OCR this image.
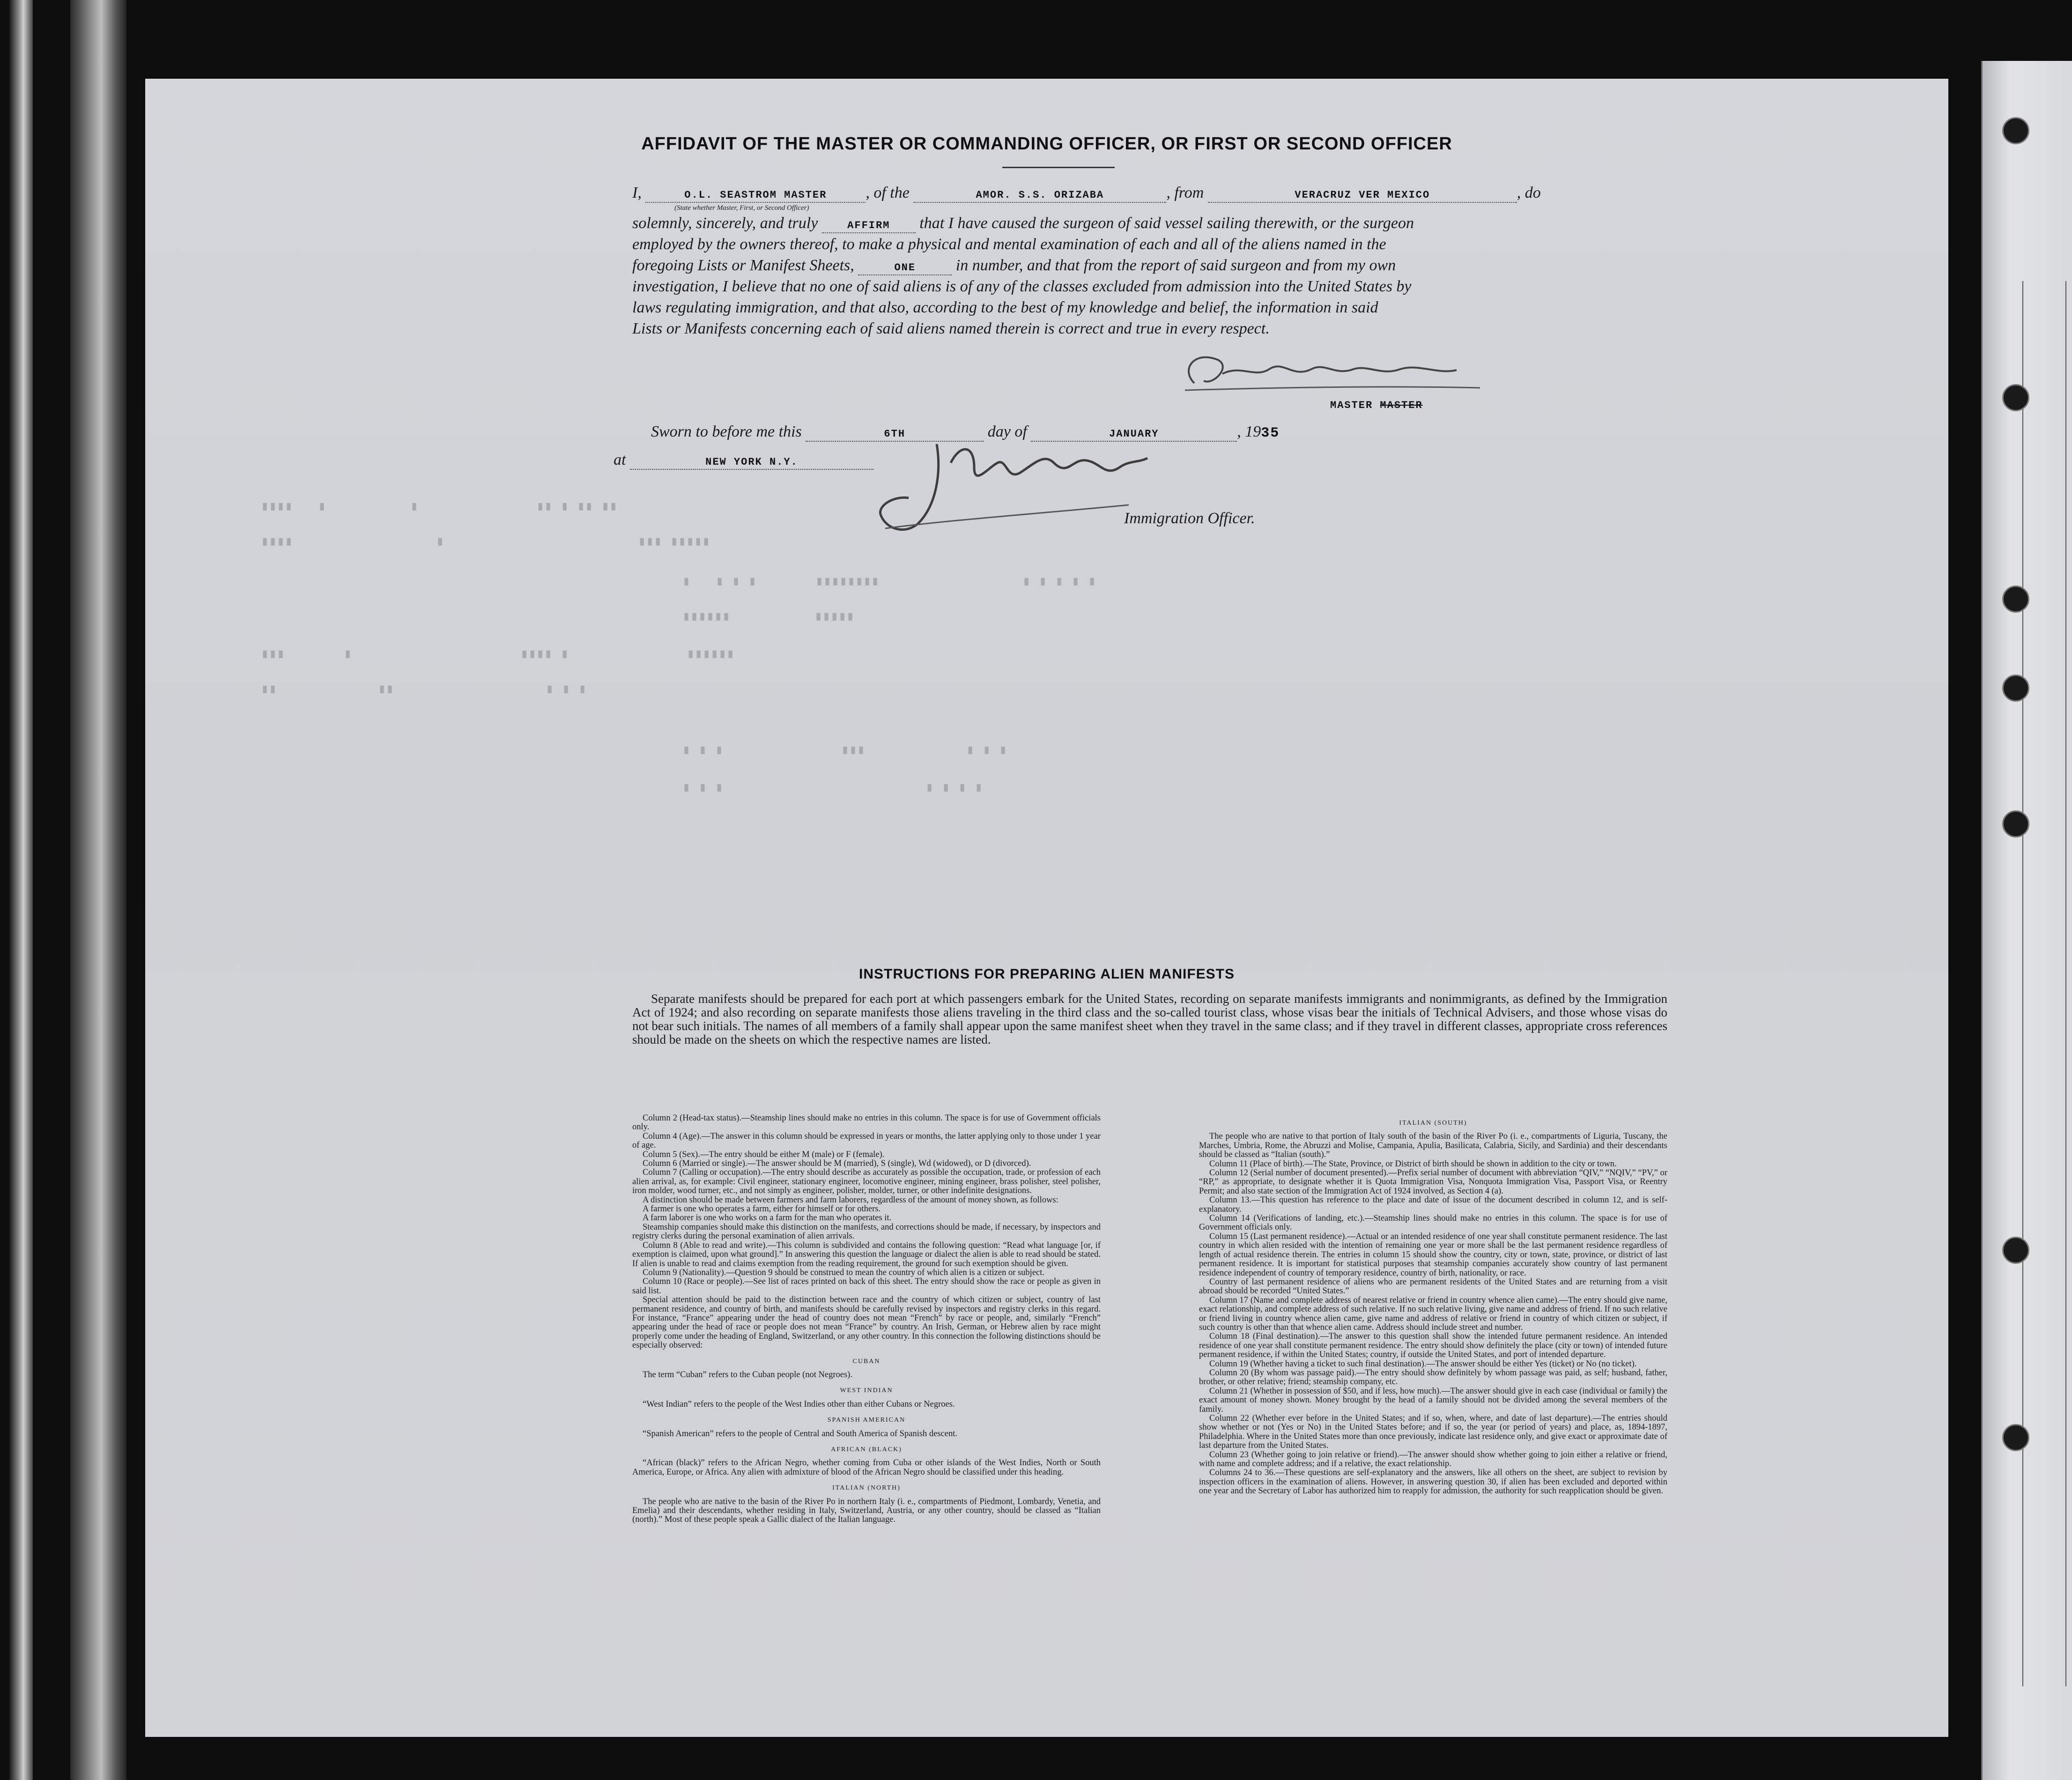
AFFIDAVIT OF THE MASTER OR COMMANDING OFFICER, OR FIRST OR SECOND OFFICER
I,	O.L. SEASTROM MASTER , of the	AMOR. S.S. ORIZABA	, from	VERACRUZ VER MEXICO	, do
(State whether Master, First, or Second Officer)
solemnly, sincerely, and truly	AFFIRM that I have caused the surgeon of said vessel sailing therewith, or the surgeon
employed by the owners thereof, to make a physical and mental examination of each and all of the aliens named in the
foregoing Lists or Manifest Sheets,	ONE	in number, and that from the report of said surgeon and from my own
investigation, I believe that no one of said aliens is of any of the classes excluded from admission into the United States by
laws regulating immigration, and that also, according to the best of my knowledge and belief, the information in said
Lists or Manifests concerning each of said aliens named therein is correct and true in every respect.
MASTER MASTER
Sworn to before me this	6TH	day of	JANUARY	, 1935
at	NEW YORK N.Y.
Immigration Officer.
▮▮▮▮   ▮          ▮              ▮▮ ▮ ▮▮ ▮▮
▮▮▮▮                 ▮                       ▮▮▮ ▮▮▮▮▮
▮   ▮ ▮ ▮       ▮▮▮▮▮▮▮▮                 ▮ ▮ ▮ ▮ ▮
▮▮▮▮▮▮          ▮▮▮▮▮
▮▮▮       ▮                    ▮▮▮▮ ▮              ▮▮▮▮▮▮
▮▮            ▮▮                  ▮ ▮ ▮
▮ ▮ ▮              ▮▮▮            ▮ ▮ ▮
▮ ▮ ▮                        ▮ ▮ ▮ ▮
INSTRUCTIONS FOR PREPARING ALIEN MANIFESTS
Separate manifests should be prepared for each port at which passengers embark for the United States, recording on separate manifests immigrants and nonimmigrants, as defined by the Immigration Act of 1924; and also recording on separate manifests those aliens traveling in the third class and the so-called tourist class, whose visas bear the initials of Technical Advisers, and those whose visas do not bear such initials. The names of all members of a family shall appear upon the same manifest sheet when they travel in the same class; and if they travel in different classes, appropriate cross references should be made on the sheets on which the respective names are listed.

Column 2 (Head-tax status).—Steamship lines should make no entries in this column. The space is for use of Government officials only.

Column 4 (Age).—The answer in this column should be expressed in years or months, the latter applying only to those under 1 year of age.

Column 5 (Sex).—The entry should be either M (male) or F (female).

Column 6 (Married or single).—The answer should be M (married), S (single), Wd (widowed), or D (divorced).

Column 7 (Calling or occupation).—The entry should describe as accurately as possible the occupation, trade, or profession of each alien arrival, as, for example: Civil engineer, stationary engineer, locomotive engineer, mining engineer, brass polisher, steel polisher, iron molder, wood turner, etc., and not simply as engineer, polisher, molder, turner, or other indefinite designations.

A distinction should be made between farmers and farm laborers, regardless of the amount of money shown, as follows:

A farmer is one who operates a farm, either for himself or for others.

A farm laborer is one who works on a farm for the man who operates it.

Steamship companies should make this distinction on the manifests, and corrections should be made, if necessary, by inspectors and registry clerks during the personal examination of alien arrivals.

Column 8 (Able to read and write).—This column is subdivided and contains the following question: “Read what language [or, if exemption is claimed, upon what ground].” In answering this question the language or dialect the alien is able to read should be stated. If alien is unable to read and claims exemption from the reading requirement, the ground for such exemption should be given.

Column 9 (Nationality).—Question 9 should be construed to mean the country of which alien is a citizen or subject.

Column 10 (Race or people).—See list of races printed on back of this sheet. The entry should show the race or people as given in said list.

Special attention should be paid to the distinction between race and the country of which citizen or subject, country of last permanent residence, and country of birth, and manifests should be carefully revised by inspectors and registry clerks in this regard. For instance, “France” appearing under the head of country does not mean “French” by race or people, and, similarly “French” appearing under the head of race or people does not mean “France” by country. An Irish, German, or Hebrew alien by race might properly come under the heading of England, Switzerland, or any other country. In this connection the following distinctions should be especially observed:

CUBAN

The term “Cuban” refers to the Cuban people (not Negroes).

WEST INDIAN

“West Indian” refers to the people of the West Indies other than either Cubans or Negroes.

SPANISH AMERICAN

“Spanish American” refers to the people of Central and South America of Spanish descent.

AFRICAN (BLACK)

“African (black)” refers to the African Negro, whether coming from Cuba or other islands of the West Indies, North or South America, Europe, or Africa. Any alien with admixture of blood of the African Negro should be classified under this heading.

ITALIAN (NORTH)

The people who are native to the basin of the River Po in northern Italy (i. e., compartments of Piedmont, Lombardy, Venetia, and Emelia) and their descendants, whether residing in Italy, Switzerland, Austria, or any other country, should be classed as “Italian (north).” Most of these people speak a Gallic dialect of the Italian language.

ITALIAN (SOUTH)

The people who are native to that portion of Italy south of the basin of the River Po (i. e., compartments of Liguria, Tuscany, the Marches, Umbria, Rome, the Abruzzi and Molise, Campania, Apulia, Basilicata, Calabria, Sicily, and Sardinia) and their descendants should be classed as “Italian (south).”

Column 11 (Place of birth).—The State, Province, or District of birth should be shown in addition to the city or town.

Column 12 (Serial number of document presented).—Prefix serial number of document with abbreviation “QIV,” “NQIV,” “PV,” or “RP,” as appropriate, to designate whether it is Quota Immigration Visa, Nonquota Immigration Visa, Passport Visa, or Reentry Permit; and also state section of the Immigration Act of 1924 involved, as Section 4 (a).

Column 13.—This question has reference to the place and date of issue of the document described in column 12, and is self-explanatory.

Column 14 (Verifications of landing, etc.).—Steamship lines should make no entries in this column. The space is for use of Government officials only.

Column 15 (Last permanent residence).—Actual or an intended residence of one year shall constitute permanent residence. The last country in which alien resided with the intention of remaining one year or more shall be the last permanent residence regardless of length of actual residence therein. The entries in column 15 should show the country, city or town, state, province, or district of last permanent residence. It is important for statistical purposes that steamship companies accurately show country of last permanent residence independent of country of temporary residence, country of birth, nationality, or race.

Country of last permanent residence of aliens who are permanent residents of the United States and are returning from a visit abroad should be recorded “United States.”

Column 17 (Name and complete address of nearest relative or friend in country whence alien came).—The entry should give name, exact relationship, and complete address of such relative. If no such relative living, give name and address of friend. If no such relative or friend living in country whence alien came, give name and address of relative or friend in country of which citizen or subject, if such country is other than that whence alien came. Address should include street and number.

Column 18 (Final destination).—The answer to this question shall show the intended future permanent residence. An intended residence of one year shall constitute permanent residence. The entry should show definitely the place (city or town) of intended future permanent residence, if within the United States; country, if outside the United States, and port of intended departure.

Column 19 (Whether having a ticket to such final destination).—The answer should be either Yes (ticket) or No (no ticket).

Column 20 (By whom was passage paid).—The entry should show definitely by whom passage was paid, as self; husband, father, brother, or other relative; friend; steamship company, etc.

Column 21 (Whether in possession of $50, and if less, how much).—The answer should give in each case (individual or family) the exact amount of money shown. Money brought by the head of a family should not be divided among the several members of the family.

Column 22 (Whether ever before in the United States; and if so, when, where, and date of last departure).—The entries should show whether or not (Yes or No) in the United States before; and if so, the year (or period of years) and place, as, 1894-1897, Philadelphia. Where in the United States more than once previously, indicate last residence only, and give exact or approximate date of last departure from the United States.

Column 23 (Whether going to join relative or friend).—The answer should show whether going to join either a relative or friend, with name and complete address; and if a relative, the exact relationship.

Columns 24 to 36.—These questions are self-explanatory and the answers, like all others on the sheet, are subject to revision by inspection officers in the examination of aliens. However, in answering question 30, if alien has been excluded and deported within one year and the Secretary of Labor has authorized him to reapply for admission, the authority for such reapplication should be given.
